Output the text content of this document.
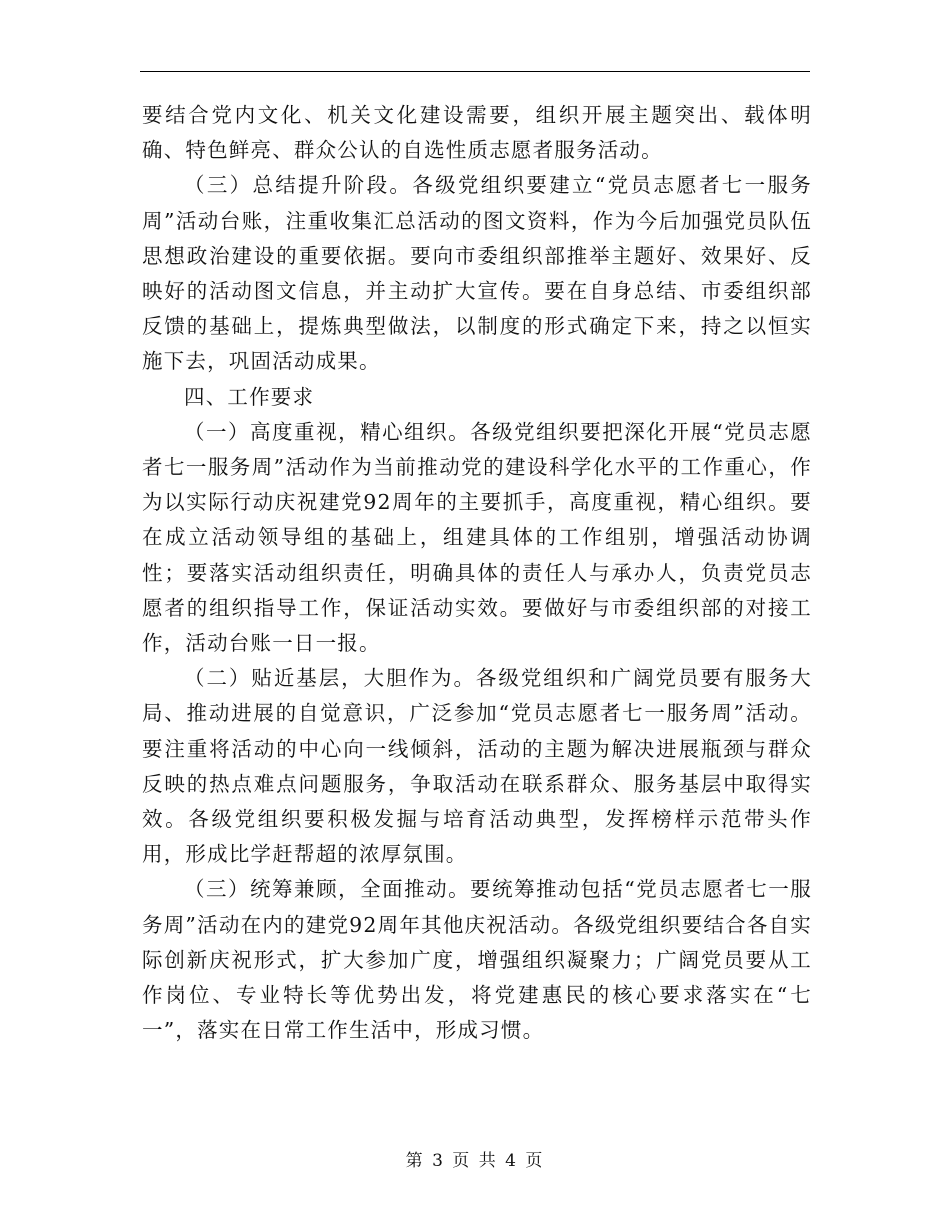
要结合党内文化、机关文化建设需要，组织开展主题突出、载体明确、特色鲜亮、群众公认的自选性质志愿者服务活动。

（三）总结提升阶段。各级党组织要建立“党员志愿者七一服务周”活动台账，注重收集汇总活动的图文资料，作为今后加强党员队伍思想政治建设的重要依据。要向市委组织部推举主题好、效果好、反映好的活动图文信息，并主动扩大宣传。要在自身总结、市委组织部反馈的基础上，提炼典型做法，以制度的形式确定下来，持之以恒实施下去，巩固活动成果。

四、工作要求

（一）高度重视，精心组织。各级党组织要把深化开展“党员志愿者七一服务周”活动作为当前推动党的建设科学化水平的工作重心，作为以实际行动庆祝建党92周年的主要抓手，高度重视，精心组织。要在成立活动领导组的基础上，组建具体的工作组别，增强活动协调性；要落实活动组织责任，明确具体的责任人与承办人，负责党员志愿者的组织指导工作，保证活动实效。要做好与市委组织部的对接工作，活动台账一日一报。

（二）贴近基层，大胆作为。各级党组织和广阔党员要有服务大局、推动进展的自觉意识，广泛参加“党员志愿者七一服务周”活动。要注重将活动的中心向一线倾斜，活动的主题为解决进展瓶颈与群众反映的热点难点问题服务，争取活动在联系群众、服务基层中取得实效。各级党组织要积极发掘与培育活动典型，发挥榜样示范带头作用，形成比学赶帮超的浓厚氛围。

（三）统筹兼顾，全面推动。要统筹推动包括“党员志愿者七一服务周”活动在内的建党92周年其他庆祝活动。各级党组织要结合各自实际创新庆祝形式，扩大参加广度，增强组织凝聚力；广阔党员要从工作岗位、专业特长等优势出发，将党建惠民的核心要求落实在“七一”，落实在日常工作生活中，形成习惯。

第 3 页 共 4 页
